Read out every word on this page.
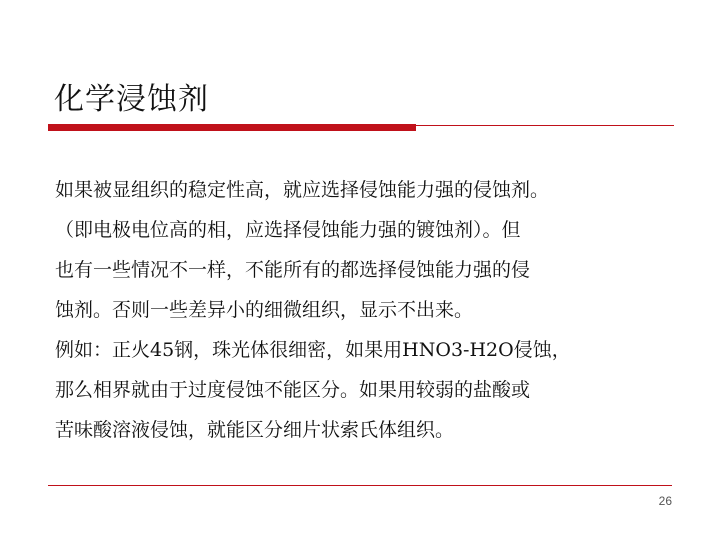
化学浸蚀剂
如果被显组织的稳定性高，就应选择侵蚀能力强的侵蚀剂。
（即电极电位高的相，应选择侵蚀能力强的镀蚀剂）。但
也有一些情况不一样，不能所有的都选择侵蚀能力强的侵
蚀剂。否则一些差异小的细微组织，显示不出来。
例如：正火45钢，珠光体很细密，如果用HNO3-H2O侵蚀，
那么相界就由于过度侵蚀不能区分。如果用较弱的盐酸或
苦味酸溶液侵蚀，就能区分细片状索氏体组织。
26
